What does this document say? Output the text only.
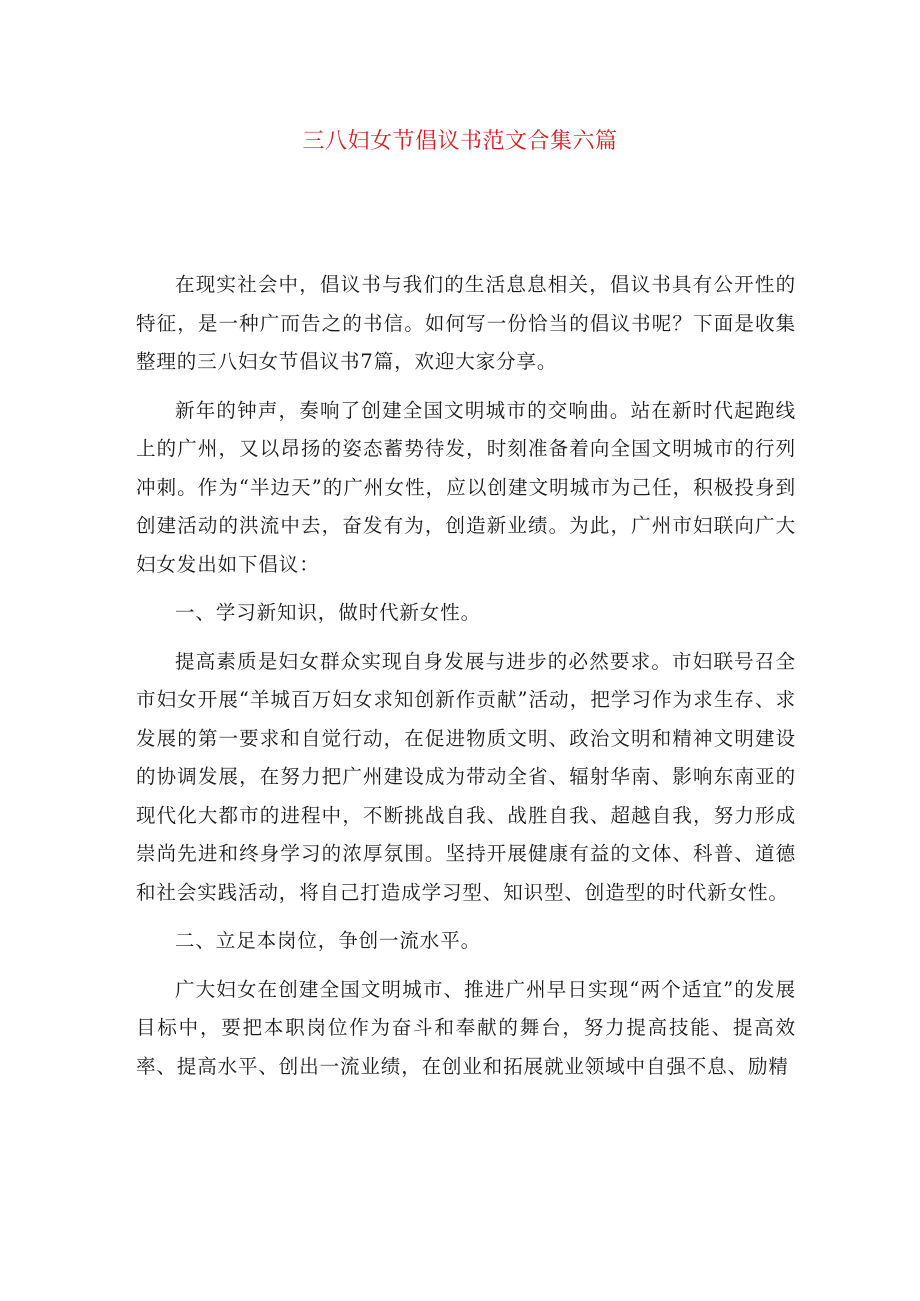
三八妇女节倡议书范文合集六篇

在现实社会中，倡议书与我们的生活息息相关，倡议书具有公开性的特征，是一种广而告之的书信。如何写一份恰当的倡议书呢？下面是收集整理的三八妇女节倡议书7篇，欢迎大家分享。

新年的钟声，奏响了创建全国文明城市的交响曲。站在新时代起跑线上的广州，又以昂扬的姿态蓄势待发，时刻准备着向全国文明城市的行列冲刺。作为“半边天”的广州女性，应以创建文明城市为己任，积极投身到创建活动的洪流中去，奋发有为，创造新业绩。为此，广州市妇联向广大妇女发出如下倡议：

一、学习新知识，做时代新女性。

提高素质是妇女群众实现自身发展与进步的必然要求。市妇联号召全市妇女开展“羊城百万妇女求知创新作贡献”活动，把学习作为求生存、求发展的第一要求和自觉行动，在促进物质文明、政治文明和精神文明建设的协调发展，在努力把广州建设成为带动全省、辐射华南、影响东南亚的现代化大都市的进程中，不断挑战自我、战胜自我、超越自我，努力形成崇尚先进和终身学习的浓厚氛围。坚持开展健康有益的文体、科普、道德和社会实践活动，将自己打造成学习型、知识型、创造型的时代新女性。

二、立足本岗位，争创一流水平。

广大妇女在创建全国文明城市、推进广州早日实现“两个适宜”的发展目标中，要把本职岗位作为奋斗和奉献的舞台，努力提高技能、提高效率、提高水平、创出一流业绩，在创业和拓展就业领域中自强不息、励精
